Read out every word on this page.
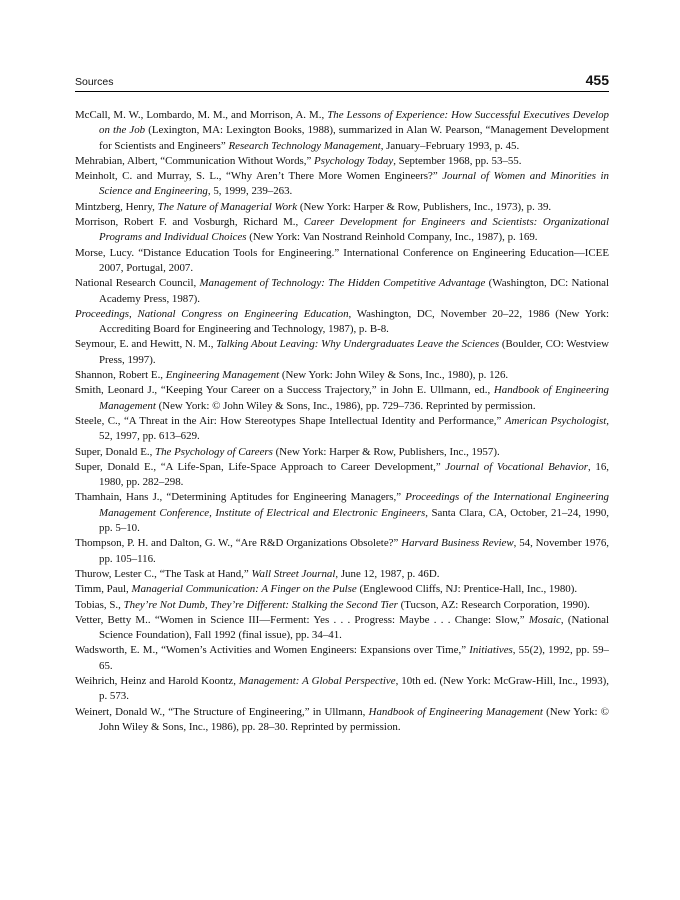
Sources	455

McCall, M. W., Lombardo, M. M., and Morrison, A. M., The Lessons of Experience: How Successful Executives Develop on the Job (Lexington, MA: Lexington Books, 1988), summarized in Alan W. Pearson, “Management Development for Scientists and Engineers” Research Technology Management, January–February 1993, p. 45.

Mehrabian, Albert, “Communication Without Words,” Psychology Today, September 1968, pp. 53–55.

Meinholt, C. and Murray, S. L., “Why Aren’t There More Women Engineers?” Journal of Women and Minorities in Science and Engineering, 5, 1999, 239–263.

Mintzberg, Henry, The Nature of Managerial Work (New York: Harper & Row, Publishers, Inc., 1973), p. 39.

Morrison, Robert F. and Vosburgh, Richard M., Career Development for Engineers and Scientists: Organizational Programs and Individual Choices (New York: Van Nostrand Reinhold Company, Inc., 1987), p. 169.

Morse, Lucy. “Distance Education Tools for Engineering.” International Conference on Engineering Education—ICEE 2007, Portugal, 2007.

National Research Council, Management of Technology: The Hidden Competitive Advantage (Washington, DC: National Academy Press, 1987).

Proceedings, National Congress on Engineering Education, Washington, DC, November 20–22, 1986 (New York: Accrediting Board for Engineering and Technology, 1987), p. B-8.

Seymour, E. and Hewitt, N. M., Talking About Leaving: Why Undergraduates Leave the Sciences (Boulder, CO: Westview Press, 1997).

Shannon, Robert E., Engineering Management (New York: John Wiley & Sons, Inc., 1980), p. 126.

Smith, Leonard J., “Keeping Your Career on a Success Trajectory,” in John E. Ullmann, ed., Handbook of Engineering Management (New York: © John Wiley & Sons, Inc., 1986), pp. 729–736. Reprinted by permission.

Steele, C., “A Threat in the Air: How Stereotypes Shape Intellectual Identity and Performance,” American Psychologist, 52, 1997, pp. 613–629.

Super, Donald E., The Psychology of Careers (New York: Harper & Row, Publishers, Inc., 1957).

Super, Donald E., “A Life-Span, Life-Space Approach to Career Development,” Journal of Vocational Behavior, 16, 1980, pp. 282–298.

Thamhain, Hans J., “Determining Aptitudes for Engineering Managers,” Proceedings of the International Engineering Management Conference, Institute of Electrical and Electronic Engineers, Santa Clara, CA, October, 21–24, 1990, pp. 5–10.

Thompson, P. H. and Dalton, G. W., “Are R&D Organizations Obsolete?” Harvard Business Review, 54, November 1976, pp. 105–116.

Thurow, Lester C., “The Task at Hand,” Wall Street Journal, June 12, 1987, p. 46D.

Timm, Paul, Managerial Communication: A Finger on the Pulse (Englewood Cliffs, NJ: Prentice-Hall, Inc., 1980).

Tobias, S., They’re Not Dumb, They’re Different: Stalking the Second Tier (Tucson, AZ: Research Corporation, 1990).

Vetter, Betty M.. “Women in Science III—Ferment: Yes . . . Progress: Maybe . . . Change: Slow,” Mosaic, (National Science Foundation), Fall 1992 (final issue), pp. 34–41.

Wadsworth, E. M., “Women’s Activities and Women Engineers: Expansions over Time,” Initiatives, 55(2), 1992, pp. 59–65.

Weihrich, Heinz and Harold Koontz, Management: A Global Perspective, 10th ed. (New York: McGraw-Hill, Inc., 1993), p. 573.

Weinert, Donald W., “The Structure of Engineering,” in Ullmann, Handbook of Engineering Management (New York: © John Wiley & Sons, Inc., 1986), pp. 28–30. Reprinted by permission.
